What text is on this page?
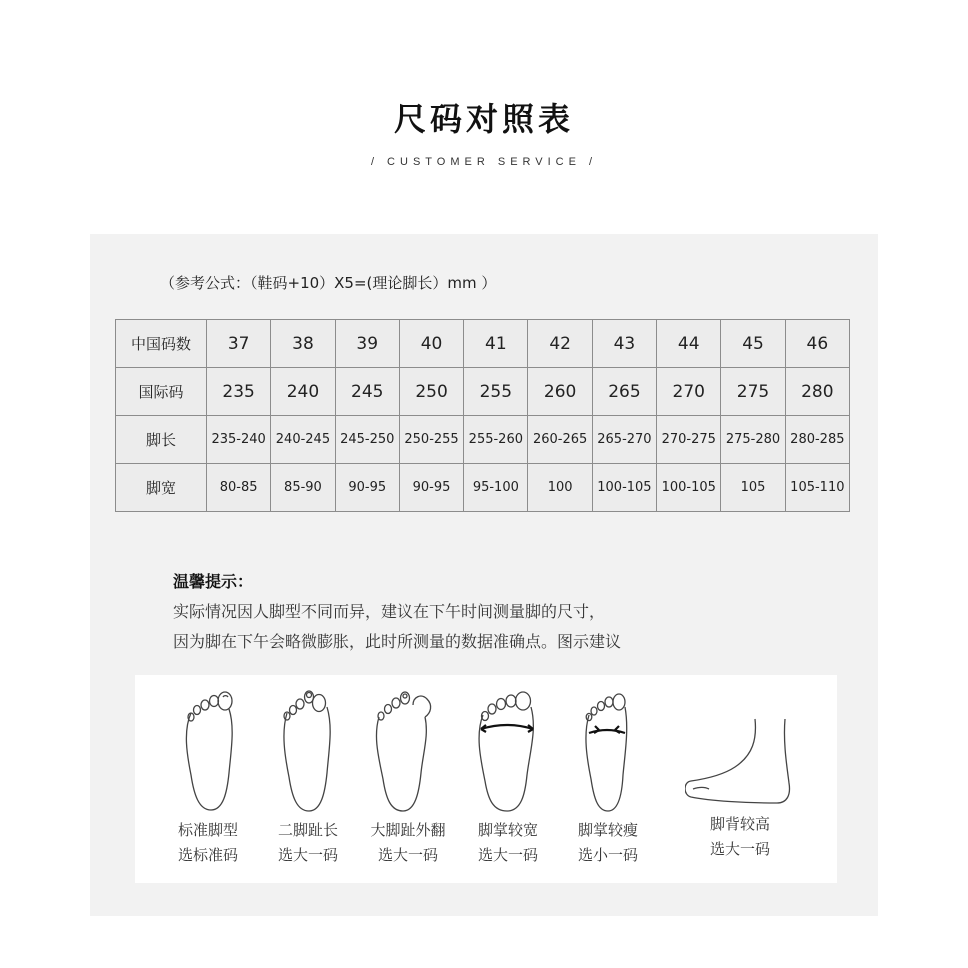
尺码对照表
/ CUSTOMER SERVICE /
（参考公式：（鞋码+10）X5=(理论脚长）mm ）
中国码数	37	38	39	40	41	42	43	44	45	46
国际码	235	240	245	250	255	260	265	270	275	280
脚长	235-240	240-245	245-250	250-255	255-260	260-265	265-270	270-275	275-280	280-285
脚宽	80-85	85-90	90-95	90-95	95-100	100	100-105	100-105	105	105-110
温馨提示：
实际情况因人脚型不同而异，建议在下午时间测量脚的尺寸，
因为脚在下午会略微膨胀，此时所测量的数据准确点。图示建议
标准脚型
选标准码
二脚趾长
选大一码
大脚趾外翻
选大一码
脚掌较宽
选大一码
脚掌较瘦
选小一码
脚背较高
选大一码
